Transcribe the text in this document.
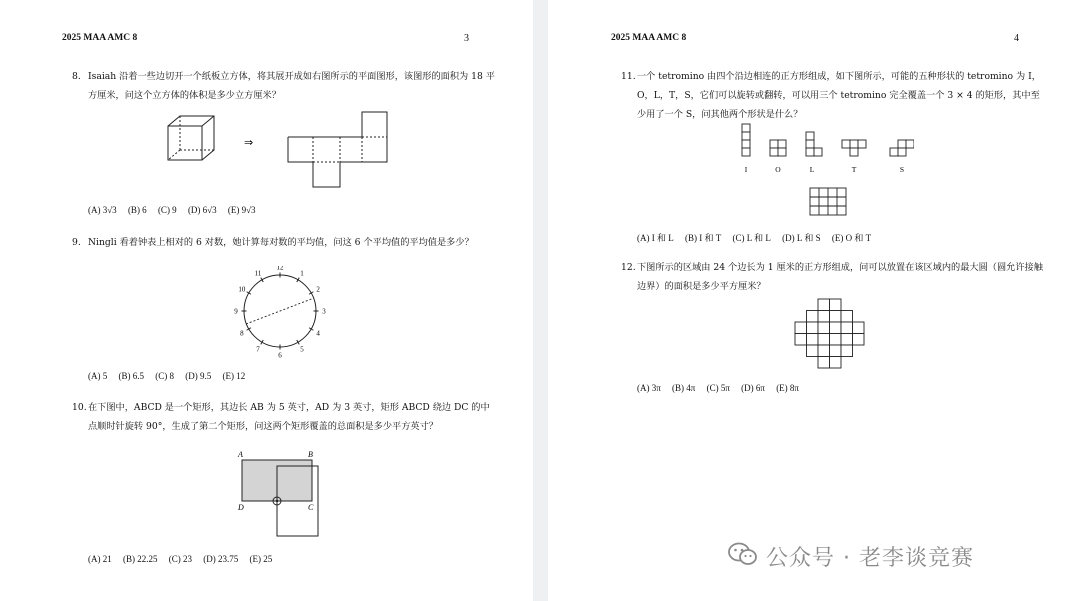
2025 MAA AMC 8	3
8. Isaiah 沿着一些边切开一个纸板立方体，将其展开成如右图所示的平面图形，该图形的面积为 18 平方厘米，问这个立方体的体积是多少立方厘米？
⇒
(A) 3√3 (B) 6 (C) 9 (D) 6√3 (E) 9√3
9. Ningli 看着钟表上相对的 6 对数，她计算每对数的平均值，问这 6 个平均值的平均值是多少？
12
1
2
3
4
5
6
7
8
9
10
11
(A) 5 (B) 6.5 (C) 8 (D) 9.5 (E) 12
10. 在下图中，ABCD 是一个矩形，其边长 AB 为 5 英寸，AD 为 3 英寸，矩形 ABCD 绕边 DC 的中点顺时针旋转 90°，生成了第二个矩形，问这两个矩形覆盖的总面积是多少平方英寸？
A	B
C
D
(A) 21 (B) 22.25 (C) 23 (D) 23.75 (E) 25
2025 MAA AMC 8	4
11. 一个 tetromino 由四个沿边相连的正方形组成，如下图所示，可能的五种形状的 tetromino 为 I，O，L，T，S，它们可以旋转或翻转，可以用三个 tetromino 完全覆盖一个 3 × 4 的矩形，其中至少用了一个 S，问其他两个形状是什么？
I	O	L	T	S
(A) I 和 L (B) I 和 T (C) L 和 L (D) L 和 S (E) O 和 T
12. 下图所示的区域由 24 个边长为 1 厘米的正方形组成，问可以放置在该区域内的最大圆（圆允许接触边界）的面积是多少平方厘米？
(A) 3π (B) 4π (C) 5π (D) 6π (E) 8π
公众号 · 老李谈竞赛
